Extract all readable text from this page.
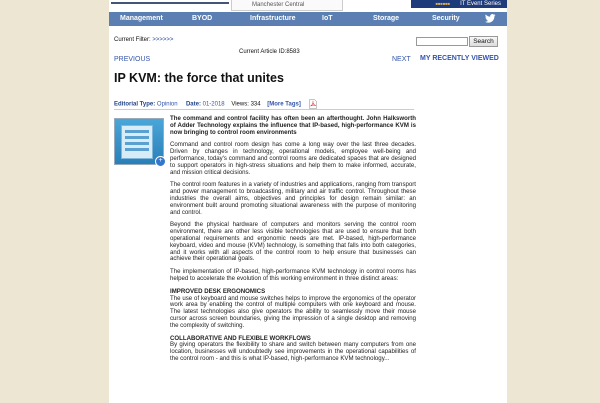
Manchester Central	■■■■■■ IT Event Series
Management	BYOD	Infrastructure	IoT	Storage	Security
Current Filter: >>>>>>
Current Article ID:8583
PREVIOUS	NEXT
IP KVM: the force that unites
Editorial Type: Opinion Date: 01-2018 Views: 334 [More Tags]
+

The command and control facility has often been an afterthought. John Halksworth of Adder Technology explains the influence that IP-based, high-performance KVM is now bringing to control room environments

Command and control room design has come a long way over the last three decades. Driven by changes in technology, operational models, employee well-being and performance, today's command and control rooms are dedicated spaces that are designed to support operators in high-stress situations and help them to make informed, accurate, and mission critical decisions.

The control room features in a variety of industries and applications, ranging from transport and power management to broadcasting, military and air traffic control. Throughout these industries the overall aims, objectives and principles for design remain similar: an environment built around promoting situational awareness with the purpose of monitoring and control.

Beyond the physical hardware of computers and monitors serving the control room environment, there are other less visible technologies that are used to ensure that both operational requirements and ergonomic needs are met. IP-based, high-performance keyboard, video and mouse (KVM) technology, is something that falls into both categories, and it works with all aspects of the control room to help ensure that businesses can achieve their operational goals.

The implementation of IP-based, high-performance KVM technology in control rooms has helped to accelerate the evolution of this working environment in three distinct areas:

IMPROVED DESK ERGONOMICS

The use of keyboard and mouse switches helps to improve the ergonomics of the operator work area by enabling the control of multiple computers with one keyboard and mouse. The latest technologies also give operators the ability to seamlessly move their mouse cursor across screen boundaries, giving the impression of a single desktop and removing the complexity of switching.

COLLABORATIVE AND FLEXIBLE WORKFLOWS

By giving operators the flexibility to share and switch between many computers from one location, businesses will undoubtedly see improvements in the operational capabilities of the control room - and this is what IP-based, high-performance KVM technology...

Search
MY RECENTLY VIEWED
